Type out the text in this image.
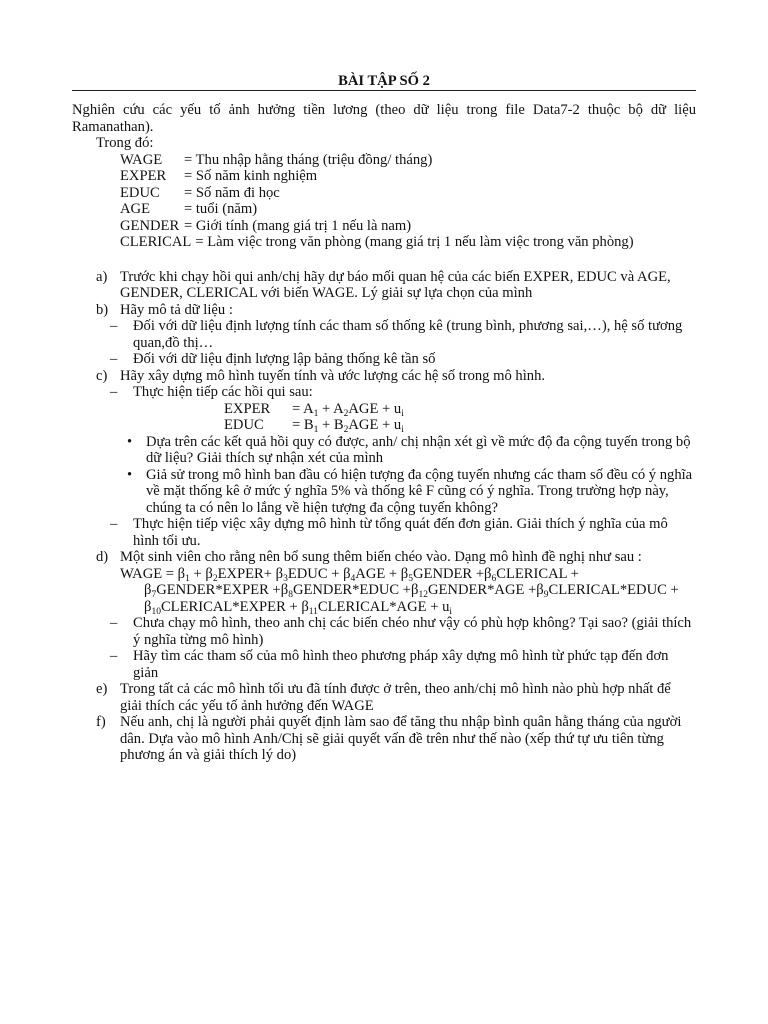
BÀI TẬP SỐ 2

Nghiên cứu các yếu tố ảnh hưởng tiền lương (theo dữ liệu trong file Data7-2 thuộc bộ dữ liệu Ramanathan).

Trong đó:

WAGE	= Thu nhập hằng tháng (triệu đồng/ tháng)
EXPER	= Số năm kinh nghiệm
EDUC	= Số năm đi học
AGE	= tuổi (năm)
GENDER = Giới tính (mang giá trị 1 nếu là nam)
CLERICAL = Làm việc trong văn phòng (mang giá trị 1 nếu làm việc trong văn phòng)
a) Trước khi chạy hồi qui anh/chị hãy dự báo mối quan hệ của các biến EXPER, EDUC và AGE, GENDER, CLERICAL với biến WAGE. Lý giải sự lựa chọn của mình
b) Hãy mô tả dữ liệu :
– Đối với dữ liệu định lượng tính các tham số thống kê (trung bình, phương sai,…), hệ số tương quan,đồ thị…
– Đối với dữ liệu định lượng lập bảng thống kê tần số
c) Hãy xây dựng mô hình tuyến tính và ước lượng các hệ số trong mô hình.
– Thực hiện tiếp các hồi qui sau:
EXPER	= $A_1 + A_2AGE + u_i$
EDUC	= $B_1 + B_2AGE + u_i$
• Dựa trên các kết quả hồi quy có được, anh/ chị nhận xét gì về mức độ đa cộng tuyến trong bộ dữ liệu? Giải thích sự nhận xét của mình
• Giả sử trong mô hình ban đầu có hiện tượng đa cộng tuyến nhưng các tham số đều có ý nghĩa về mặt thống kê ở mức ý nghĩa 5% và thống kê F cũng có ý nghĩa. Trong trường hợp này, chúng ta có nên lo lắng về hiện tượng đa cộng tuyến không?
– Thực hiện tiếp việc xây dựng mô hình từ tổng quát đến đơn giản. Giải thích ý nghĩa của mô hình tối ưu.
d) Một sinh viên cho rằng nên bổ sung thêm biến chéo vào. Dạng mô hình đề nghị như sau :
WAGE = $\beta_1$ + $\beta_2EXPER+$ $\beta_3EDUC + \beta_4AGE$ + $\beta_5GENDER$ $+\beta_6CLERICAL$ +
$\beta_7GENDER*EXPER$ $+\beta_8GENDER*EDUC$ $+\beta_{12}GENDER*AGE$ $+\beta_9CLERICAL*EDUC$ +
$\beta_{10}CLERICAL*EXPER$ + $\beta_{11}CLERICAL*AGE + u_i$
– Chưa chạy mô hình, theo anh chị các biến chéo như vậy có phù hợp không? Tại sao? (giải thích ý nghĩa từng mô hình)
– Hãy tìm các tham số của mô hình theo phương pháp xây dựng mô hình từ phức tạp đến đơn giản
e) Trong tất cả các mô hình tối ưu đã tính được ở trên, theo anh/chị mô hình nào phù hợp nhất để giải thích các yếu tố ảnh hưởng đến WAGE
f) Nếu anh, chị là người phải quyết định làm sao để tăng thu nhập bình quân hằng tháng của người dân. Dựa vào mô hình Anh/Chị sẽ giải quyết vấn đề trên như thế nào (xếp thứ tự ưu tiên từng phương án và giải thích lý do)
